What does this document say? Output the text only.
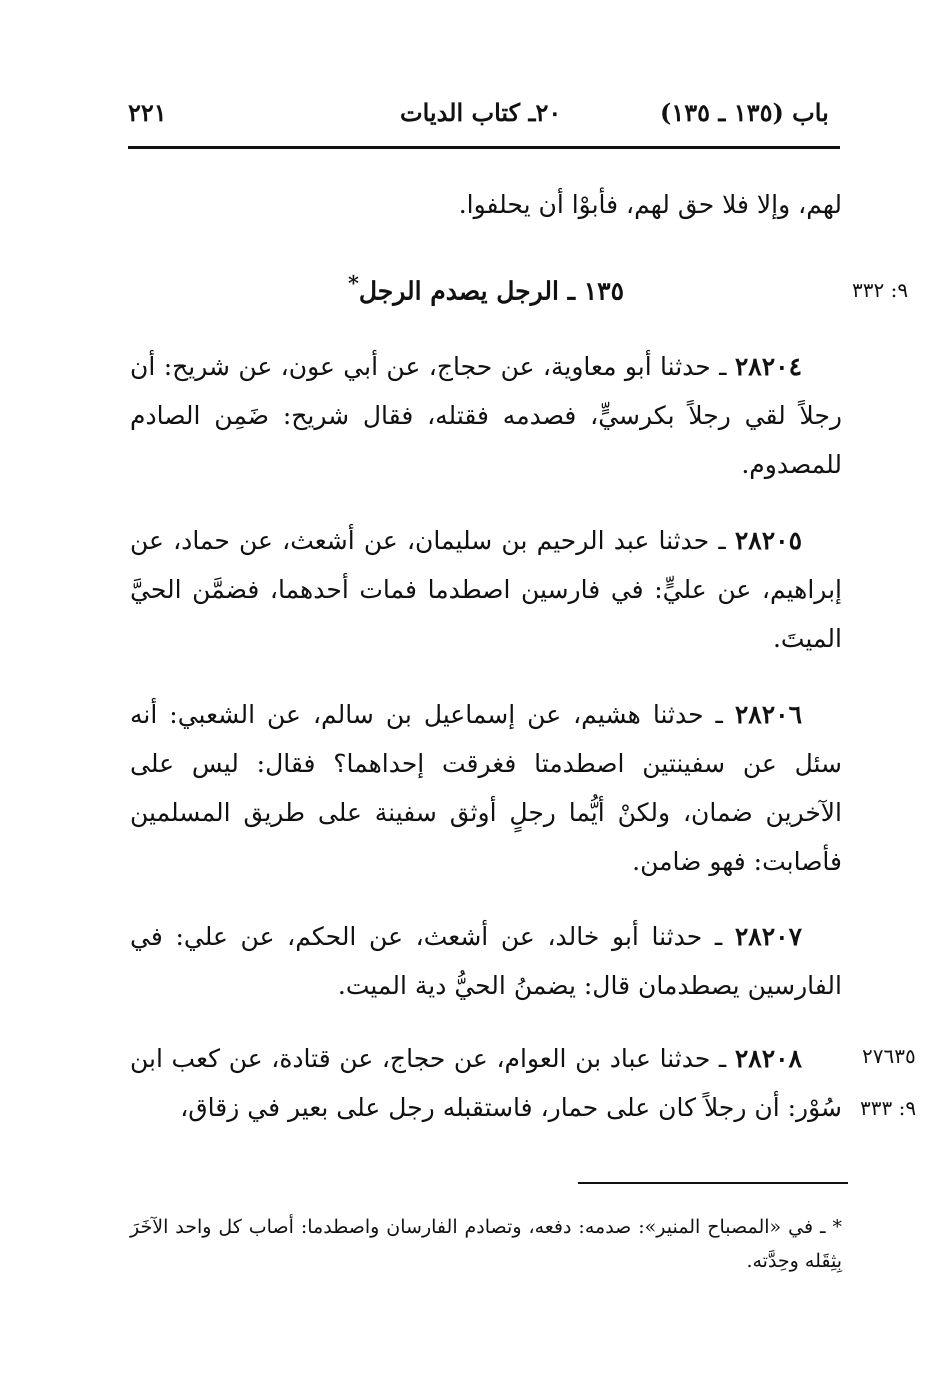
باب (١٣٥ ـ ١٣٥)
٢٠ـ كتاب الديات
٢٢١
لهم، وإلا فلا حق لهم، فأبوْا أن يحلفوا.
٩: ٣٣٢
١٣٥ ـ الرجل يصدم الرجل*
٢٨٢٠٤ ـ حدثنا أبو معاوية، عن حجاج، عن أبي عون، عن شريح: أن رجلاً لقي رجلاً بكرسيٍّ، فصدمه فقتله، فقال شريح: ضَمِن الصادم للمصدوم.
٢٨٢٠٥ ـ حدثنا عبد الرحيم بن سليمان، عن أشعث، عن حماد، عن إبراهيم، عن عليٍّ: في فارسين اصطدما فمات أحدهما، فضمَّن الحيَّ الميتَ.
٢٨٢٠٦ ـ حدثنا هشيم، عن إسماعيل بن سالم، عن الشعبي: أنه سئل عن سفينتين اصطدمتا فغرقت إحداهما؟ فقال: ليس على الآخرين ضمان، ولكنْ أيُّما رجلٍ أوثق سفينة على طريق المسلمين فأصابت: فهو ضامن.
٢٨٢٠٧ ـ حدثنا أبو خالد، عن أشعث، عن الحكم، عن علي: في الفارسين يصطدمان قال: يضمنُ الحيُّ دية الميت.
٢٧٦٣٥
٩: ٣٣٣
٢٨٢٠٨ ـ حدثنا عباد بن العوام، عن حجاج، عن قتادة، عن كعب ابن سُوْر: أن رجلاً كان على حمار، فاستقبله رجل على بعير في زقاق،
* ـ في «المصباح المنير»: صدمه: دفعه، وتصادم الفارسان واصطدما: أصاب كل واحد الآخَرَ بِثِقَله وحِدَّته.
